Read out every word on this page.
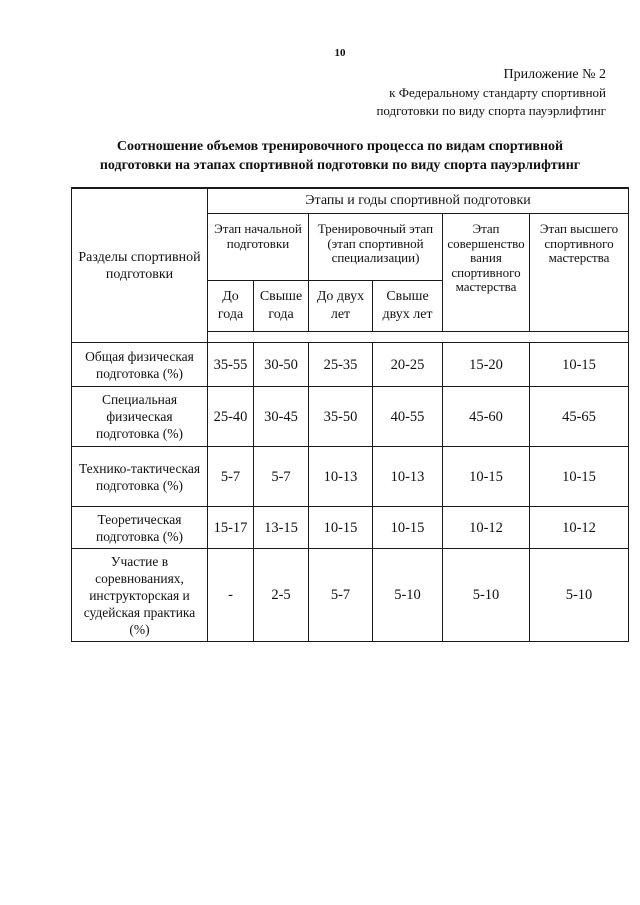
10
Приложение № 2
к Федеральному стандарту спортивной
подготовки по виду спорта пауэрлифтинг
Соотношение объемов тренировочного процесса по видам спортивной
подготовки на этапах спортивной подготовки по виду спорта пауэрлифтинг
Разделы спортивной подготовки	Этапы и годы спортивной подготовки					
	Этап начальной подготовки		Тренировочный этап (этап спортивной специализации)		Этап совершенство вания спортивного мастерства	Этап высшего спортивного мастерства
	До года	Свыше года	До двух лет	Свыше двух лет		

Общая физическая подготовка (%)	35-55	30-50	25-35	20-25	15-20	10-15
Специальная физическая подготовка (%)	25-40	30-45	35-50	40-55	45-60	45-65
Технико-тактическая подготовка (%)	5-7	5-7	10-13	10-13	10-15	10-15
Теоретическая подготовка (%)	15-17	13-15	10-15	10-15	10-12	10-12
Участие в соревнованиях, инструкторская и судейская практика (%)	-	2-5	5-7	5-10	5-10	5-10
